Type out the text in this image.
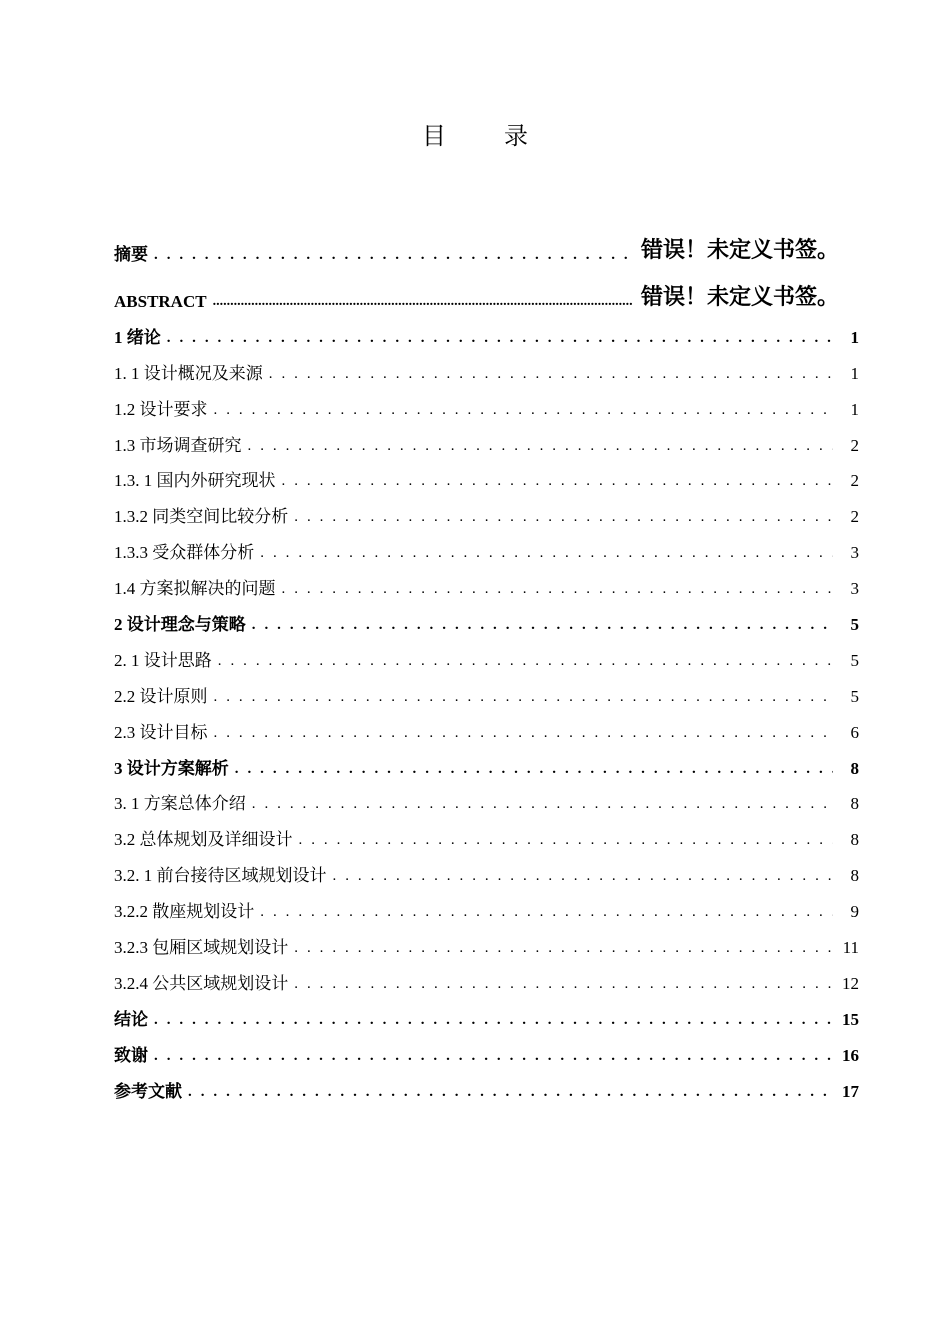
目 录
摘要 . . .	错误！未定义书签。
ABSTRACT .....	错误！未定义书签。
1 绪论 . . .	1
1. 1 设计概况及来源 . . .	1
1.2 设计要求 . . .	1
1.3 市场调查研究 . . .	2
1.3. 1 国内外研究现状 . . .	2
1.3.2 同类空间比较分析 . . .	2
1.3.3 受众群体分析 . . .	3
1.4 方案拟解决的问题 . . .	3
2 设计理念与策略 . . .	5
2. 1 设计思路 . . .	5
2.2 设计原则 . . .	5
2.3 设计目标 . . .	6
3 设计方案解析 . . .	8
3. 1 方案总体介绍 . . .	8
3.2 总体规划及详细设计 . . .	8
3.2. 1 前台接待区域规划设计 . . .	8
3.2.2 散座规划设计 . . .	9
3.2.3 包厢区域规划设计 . . .	11
3.2.4 公共区域规划设计 . . .	12
结论 . . .	15
致谢 . . .	16
参考文献 . . .	17
